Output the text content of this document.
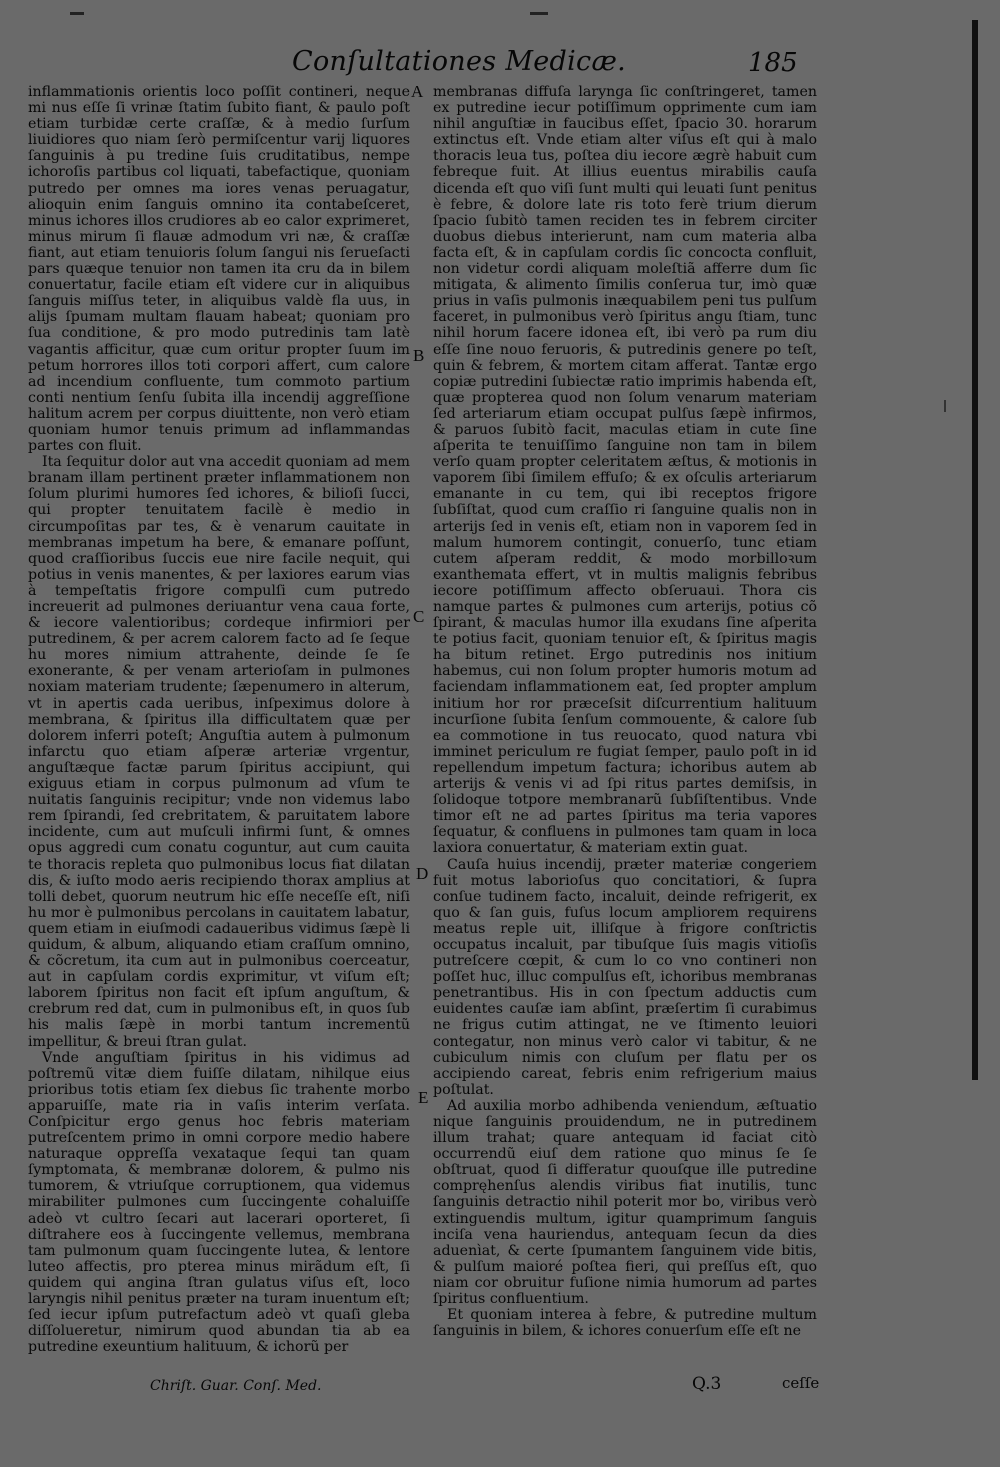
Conſultationes Medicæ.	185

inflammationis orientis loco poſſit contineri, neque mi nus eſſe ſi vrinæ ſtatim ſubito fiant, & paulo poſt etiam turbidæ certe craſſæ, & à medio ſurſum liuidiores quo niam ſerò permiſcentur varij liquores ſanguinis à pu tredine ſuis cruditatibus, nempe ichoroſis partibus col liquati, tabefactique, quoniam putredo per omnes ma iores venas peruagatur, alioquin enim ſanguis omnino ita contabeſceret, minus ichores illos crudiores ab eo calor exprimeret, minus mirum ſi flauæ admodum vri næ, & craſſæ fiant, aut etiam tenuioris ſolum ſangui nis ſerueſacti pars quæque tenuior non tamen ita cru da in bilem conuertatur, facile etiam eſt videre cur in aliquibus ſanguis miſſus teter, in aliquibus valdè fla uus, in alijs ſpumam multam flauam habeat; quoniam pro ſua conditione, & pro modo putredinis tam latè vagantis afficitur, quæ cum oritur propter ſuum im petum horrores illos toti corpori affert, cum calore ad incendium confluente, tum commoto partium conti nentium ſenſu ſubita illa incendij aggreſſione halitum acrem per corpus diuittente, non verò etiam quoniam humor tenuis primum ad inflammandas partes con fluit.

Ita ſequitur dolor aut vna accedit quoniam ad mem branam illam pertinent præter inflammationem non ſolum plurimi humores ſed ichores, & bilioſi ſucci, qui propter tenuitatem facilè è medio in circumpoſitas par tes, & è venarum cauitate in membranas impetum ha bere, & emanare poſſunt, quod craſſioribus ſuccis eue nire facile nequit, qui potius in venis manentes, & per laxiores earum vias à tempeſtatis frigore compulſi cum putredo increuerit ad pulmones deriuantur vena caua forte, & iecore valentioribus; cordeque infirmiori per putredinem, & per acrem calorem facto ad ſe ſeque hu mores nimium attrahente, deinde ſe ſe exonerante, & per venam arterioſam in pulmones noxiam materiam trudente; ſæpenumero in alterum, vt in apertis cada ueribus, inſpeximus dolore à membrana, & ſpiritus illa difficultatem quæ per dolorem inferri poteſt; Anguſtia autem à pulmonum infarctu quo etiam aſperæ arteriæ vrgentur, anguſtæque factæ parum ſpiritus accipiunt, qui exiguus etiam in corpus pulmonum ad vſum te nuitatis ſanguinis recipitur; vnde non videmus labo rem ſpirandi, ſed crebritatem, & paruitatem labore incidente, cum aut muſculi infirmi ſunt, & omnes opus aggredi cum conatu coguntur, aut cum cauita te thoracis repleta quo pulmonibus locus fiat dilatan dis, & iuſto modo aeris recipiendo thorax amplius at tolli debet, quorum neutrum hic eſſe neceſſe eſt, niſi hu mor è pulmonibus percolans in cauitatem labatur, quem etiam in eiuſmodi cadaueribus vidimus ſæpè li quidum, & album, aliquando etiam craſſum omnino, & cõcretum, ita cum aut in pulmonibus coerceatur, aut in capſulam cordis exprimitur, vt viſum eſt; laborem ſpiritus non facit eſt ipſum anguſtum, & crebrum red dat, cum in pulmonibus eſt, in quos ſub his malis ſæpè in morbi tantum incrementũ impellitur, & breui ſtran gulat.

Vnde anguſtiam ſpiritus in his vidimus ad poſtremũ vitæ diem fuiſſe dilatam, nihilque eius prioribus totis etiam ſex diebus ſic trahente morbo apparuiſſe, mate ria in vaſis interim verſata. Conſpicitur ergo genus hoc febris materiam putreſcentem primo in omni corpore medio habere naturaque oppreſſa vexataque ſequi tan quam ſymptomata, & membranæ dolorem, & pulmo nis tumorem, & vtriuſque corruptionem, qua videmus mirabiliter pulmones cum ſuccingente cohaluiſſe adeò vt cultro ſecari aut lacerari oporteret, ſi diſtrahere eos à ſuccingente vellemus, membrana tam pulmonum quam ſuccingente lutea, & lentore luteo affectis, pro pterea minus mirãdum eſt, ſi quidem qui angina ſtran gulatus viſus eſt, loco laryngis nihil penitus præter na turam inuentum eſt; ſed iecur ipſum putrefactum adeò vt quaſi gleba diſſolueretur, nimirum quod abundan tia ab ea putredine exeuntium halituum, & ichorũ per

membranas diffuſa larynga ſic conſtringeret, tamen ex putredine iecur potiſſimum opprimente cum iam nihil anguſtiæ in faucibus eſſet, ſpacio 30. horarum extinctus eſt. Vnde etiam alter viſus eſt qui à malo thoracis leua tus, poſtea diu iecore ægrè habuit cum febreque fuit. At illius euentus mirabilis cauſa dicenda eſt quo viſi ſunt multi qui leuati ſunt penitus è febre, & dolore late ris toto ferè trium dierum ſpacio ſubitò tamen reciden tes in febrem circiter duobus diebus interierunt, nam cum materia alba facta eſt, & in capſulam cordis ſic concocta confluit, non videtur cordi aliquam moleſtiã afferre dum ſic mitigata, & alimento ſimilis conſerua tur, imò quæ prius in vaſis pulmonis inæquabilem peni tus pulſum faceret, in pulmonibus verò ſpiritus angu ſtiam, tunc nihil horum facere idonea eſt, ibi verò pa rum diu eſſe ſine nouo feruoris, & putredinis genere po teſt, quin & febrem, & mortem citam afferat. Tantæ ergo copiæ putredini ſubiectæ ratio imprimis habenda eſt, quæ propterea quod non ſolum venarum materiam ſed arteriarum etiam occupat pulſus ſæpè infirmos, & paruos ſubitò facit, maculas etiam in cute ſine aſperita te tenuiſſimo ſanguine non tam in bilem verſo quam propter celeritatem æſtus, & motionis in vaporem ſibi ſimilem effuſo; & ex oſculis arteriarum emanante in cu tem, qui ibi receptos frigore ſubſiſtat, quod cum craſſio ri ſanguine qualis non in arterijs ſed in venis eſt, etiam non in vaporem ſed in malum humorem contingit, conuerſo, tunc etiam cutem aſperam reddit, & modo morbilloꝛum exanthemata effert, vt in multis malignis febribus iecore potiſſimum affecto obſeruaui. Thora cis namque partes & pulmones cum arterijs, potius cõ ſpirant, & maculas humor illa exudans ſine aſperita te potius facit, quoniam tenuior eſt, & ſpiritus magis ha bitum retinet. Ergo putredinis nos initium habemus, cui non ſolum propter humoris motum ad faciendam inflammationem eat, ſed propter amplum initium hor ror præceſsit diſcurrentium halituum incurſione ſubita ſenſum commouente, & calore ſub ea commotione in tus reuocato, quod natura vbi imminet periculum re fugiat ſemper, paulo poſt in id repellendum impetum factura; ichoribus autem ab arterijs & venis vi ad ſpi ritus partes demiſsis, in ſolidoque totpore membranarũ ſubſiſtentibus. Vnde timor eſt ne ad partes ſpiritus ma teria vapores ſequatur, & confluens in pulmones tam quam in loca laxiora conuertatur, & materiam extin guat.

Cauſa huius incendij, præter materiæ congeriem fuit motus laborioſus quo concitatiori, & ſupra conſue tudinem facto, incaluit, deinde refrigerit, ex quo & ſan guis, fuſus locum ampliorem requirens meatus reple uit, illiſque à frigore conſtrictis occupatus incaluit, par tibuſque ſuis magis vitioſis putreſcere cœpit, & cum lo co vno contineri non poſſet huc, illuc compulſus eſt, ichoribus membranas penetrantibus. His in con ſpectum adductis cum euidentes cauſæ iam abſint, præſertim ſi curabimus ne frigus cutim attingat, ne ve ſtimento leuiori contegatur, non minus verò calor vi tabitur, & ne cubiculum nimis con cluſum per flatu per os accipiendo careat, febris enim refrigerium maius poſtulat.

Ad auxilia morbo adhibenda veniendum, æſtuatio nique ſanguinis prouidendum, ne in putredinem illum trahat; quare antequam id faciat citò occurrendũ eiuſ dem ratione quo minus ſe ſe obſtruat, quod ſi differatur quouſque ille putredine compręhenſus alendis viribus fiat inutilis, tunc ſanguinis detractio nihil poterit mor bo, viribus verò extinguendis multum, igitur quamprimum ſanguis inciſa vena hauriendus, antequam ſecun da dies aduenìat, & certe ſpumantem ſanguinem vide bitis, & pulſum maioré poſtea fieri, qui preſſus eſt, quo niam cor obruitur fuſione nimia humorum ad partes ſpiritus confluentium.

Et quoniam interea à febre, & putredine multum ſanguinis in bilem, & ichores conuerſum eſſe eſt ne

A
B
C
D
E
Chriſt. Guar. Conſ. Med.	Q.3	ceſſe
